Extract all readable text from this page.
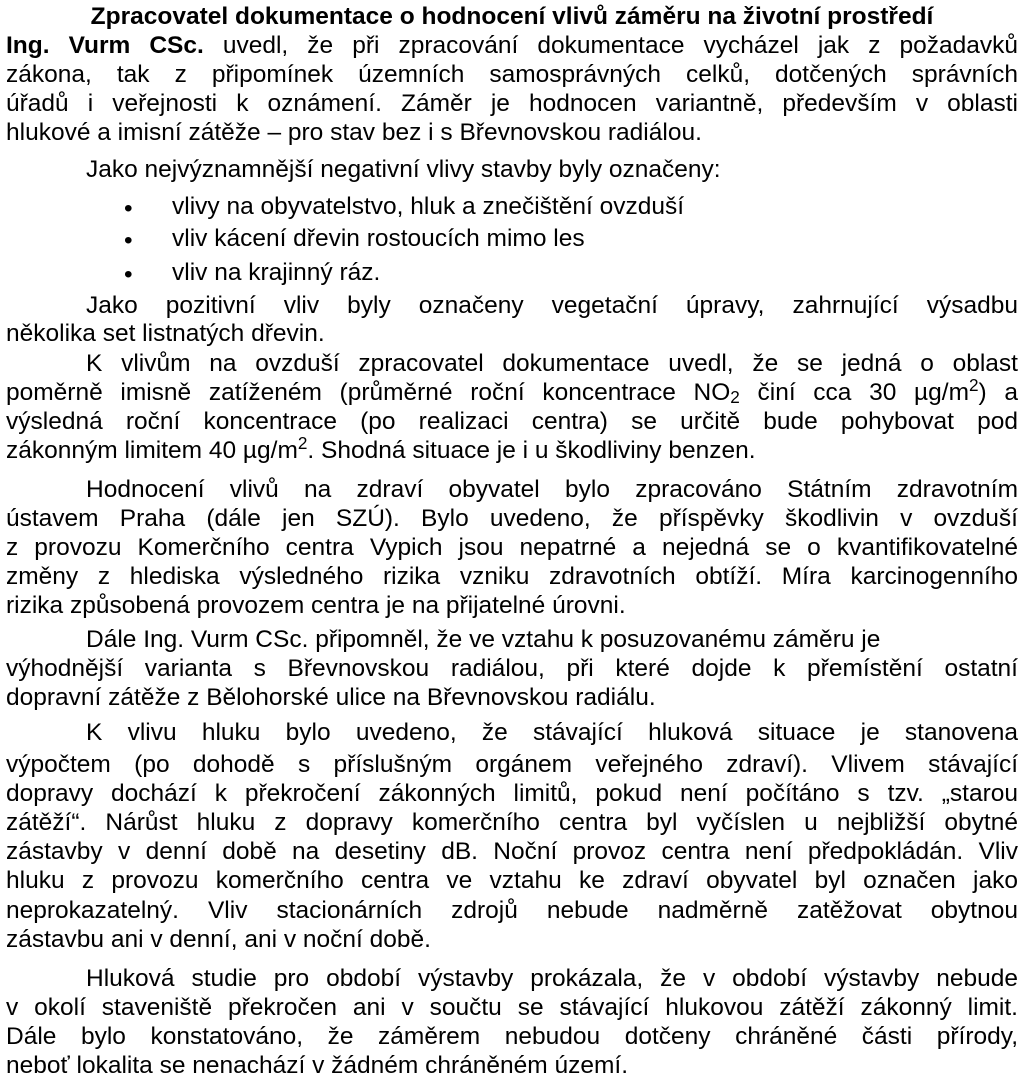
Zpracovatel dokumentace o hodnocení vlivů záměru na životní prostředí
Ing. Vurm CSc. uvedl, že při zpracování dokumentace vycházel jak z požadavků
zákona, tak z připomínek územních samosprávných celků, dotčených správních
úřadů i veřejnosti k oznámení. Záměr je hodnocen variantně, především v oblasti
hlukové a imisní zátěže – pro stav bez i s Břevnovskou radiálou.
Jako nejvýznamnější negativní vlivy stavby byly označeny:
• vlivy na obyvatelstvo, hluk a znečištění ovzduší
• vliv kácení dřevin rostoucích mimo les
• vliv na krajinný ráz.
Jako pozitivní vliv byly označeny vegetační úpravy, zahrnující výsadbu
několika set listnatých dřevin.
K vlivům na ovzduší zpracovatel dokumentace uvedl, že se jedná o oblast
poměrně imisně zatíženém (průměrné roční koncentrace $NO_2$ činí cca 30 $\mu g/m^2$) a
výsledná roční koncentrace (po realizaci centra) se určitě bude pohybovat pod
zákonným limitem 40 $\mu g/m^2$. Shodná situace je i u škodliviny benzen.
Hodnocení vlivů na zdraví obyvatel bylo zpracováno Státním zdravotním
ústavem Praha (dále jen SZÚ). Bylo uvedeno, že příspěvky škodlivin v ovzduší
z provozu Komerčního centra Vypich jsou nepatrné a nejedná se o kvantifikovatelné
změny z hlediska výsledného rizika vzniku zdravotních obtíží. Míra karcinogenního
rizika způsobená provozem centra je na přijatelné úrovni.
Dále Ing. Vurm CSc. připomněl, že ve vztahu k posuzovanému záměru je
výhodnější varianta s Břevnovskou radiálou, při které dojde k přemístění ostatní
dopravní zátěže z Bělohorské ulice na Břevnovskou radiálu.
K vlivu hluku bylo uvedeno, že stávající hluková situace je stanovena
výpočtem (po dohodě s příslušným orgánem veřejného zdraví). Vlivem stávající
dopravy dochází k překročení zákonných limitů, pokud není počítáno s tzv. „starou
zátěží“. Nárůst hluku z dopravy komerčního centra byl vyčíslen u nejbližší obytné
zástavby v denní době na desetiny dB. Noční provoz centra není předpokládán. Vliv
hluku z provozu komerčního centra ve vztahu ke zdraví obyvatel byl označen jako
neprokazatelný. Vliv stacionárních zdrojů nebude nadměrně zatěžovat obytnou
zástavbu ani v denní, ani v noční době.
Hluková studie pro období výstavby prokázala, že v období výstavby nebude
v okolí staveniště překročen ani v součtu se stávající hlukovou zátěží zákonný limit.
Dále bylo konstatováno, že záměrem nebudou dotčeny chráněné části přírody,
neboť lokalita se nenachází v žádném chráněném území.
